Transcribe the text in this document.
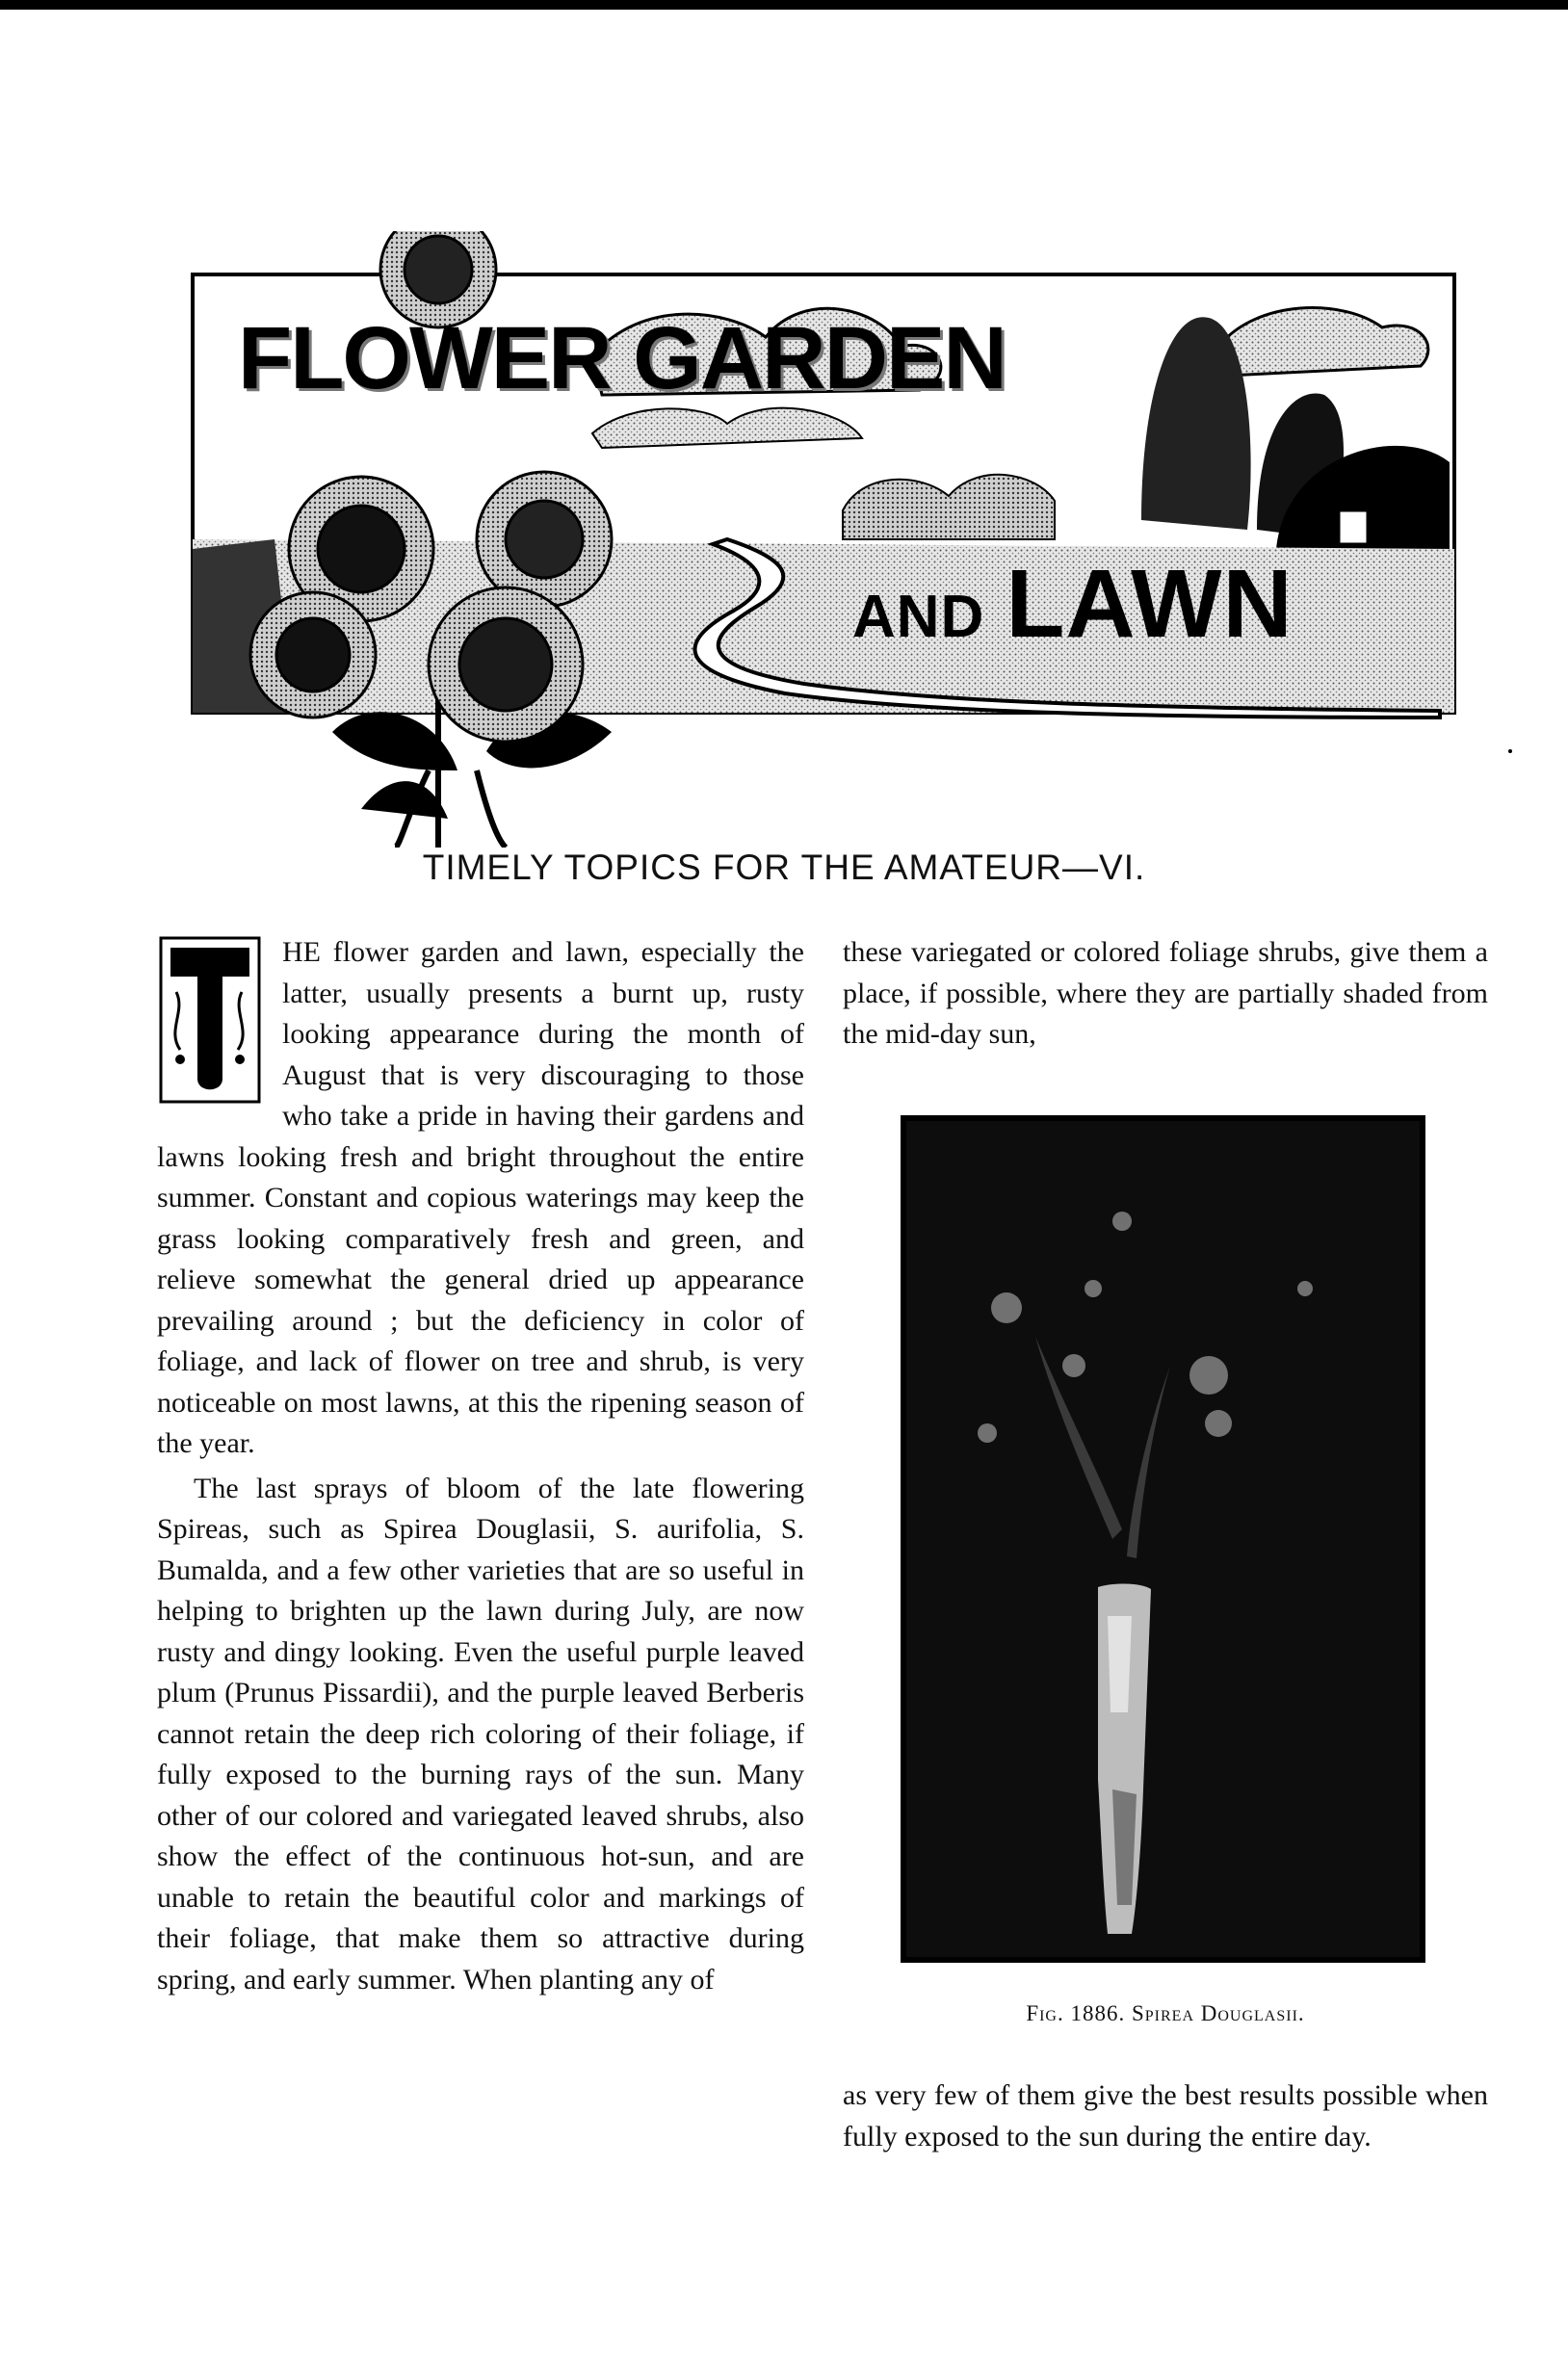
FLOWER GARDEN
AND LAWN
TIMELY TOPICS FOR THE AMATEUR—VI.

HE flower garden and lawn, especially the latter, usually presents a burnt up, rusty looking appearance during the month of August that is very discouraging to those who take a pride in having their gardens and lawns looking fresh and bright throughout the entire summer. Constant and copious waterings may keep the grass looking comparatively fresh and green, and relieve somewhat the general dried up appearance prevailing around ; but the deficiency in color of foliage, and lack of flower on tree and shrub, is very noticeable on most lawns, at this the ripening season of the year.

The last sprays of bloom of the late flowering Spireas, such as Spirea Douglasii, S. aurifolia, S. Bumalda, and a few other varieties that are so useful in helping to brighten up the lawn during July, are now rusty and dingy looking. Even the useful purple leaved plum (Prunus Pissardii), and the purple leaved Berberis cannot retain the deep rich coloring of their foliage, if fully exposed to the burning rays of the sun. Many other of our colored and variegated leaved shrubs, also show the effect of the continuous hot-sun, and are unable to retain the beautiful color and markings of their foliage, that make them so attractive during spring, and early summer. When planting any of

these variegated or colored foliage shrubs, give them a place, if possible, where they are partially shaded from the mid-day sun,

Fig. 1886. Spirea Douglasii.

as very few of them give the best results possible when fully exposed to the sun during the entire day.
